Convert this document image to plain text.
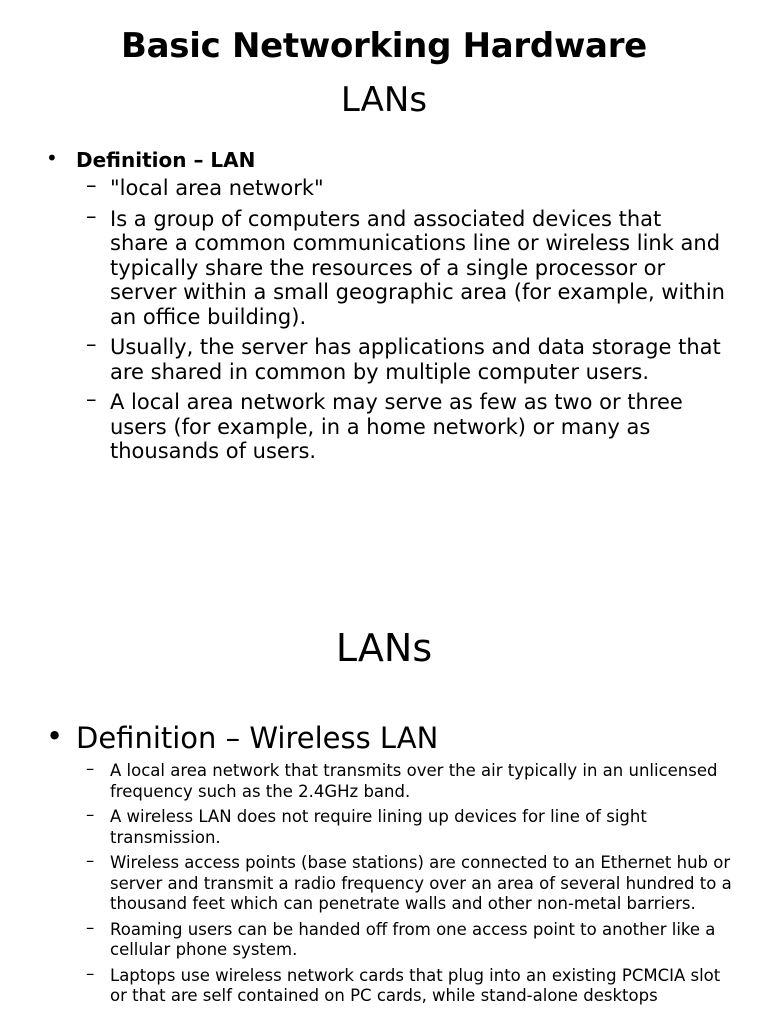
Basic Networking Hardware
LANs
• Definition – LAN
– "local area network"
– Is a group of computers and associated devices that share a common communications line or wireless link and typically share the resources of a single processor or server within a small geographic area (for example, within an office building).
– Usually, the server has applications and data storage that are shared in common by multiple computer users.
– A local area network may serve as few as two or three users (for example, in a home network) or many as thousands of users.
LANs
• Definition – Wireless LAN
– A local area network that transmits over the air typically in an unlicensed frequency such as the 2.4GHz band.
– A wireless LAN does not require lining up devices for line of sight transmission.
– Wireless access points (base stations) are connected to an Ethernet hub or server and transmit a radio frequency over an area of several hundred to a thousand feet which can penetrate walls and other non-metal barriers.
– Roaming users can be handed off from one access point to another like a cellular phone system.
– Laptops use wireless network cards that plug into an existing PCMCIA slot or that are self contained on PC cards, while stand-alone desktops
